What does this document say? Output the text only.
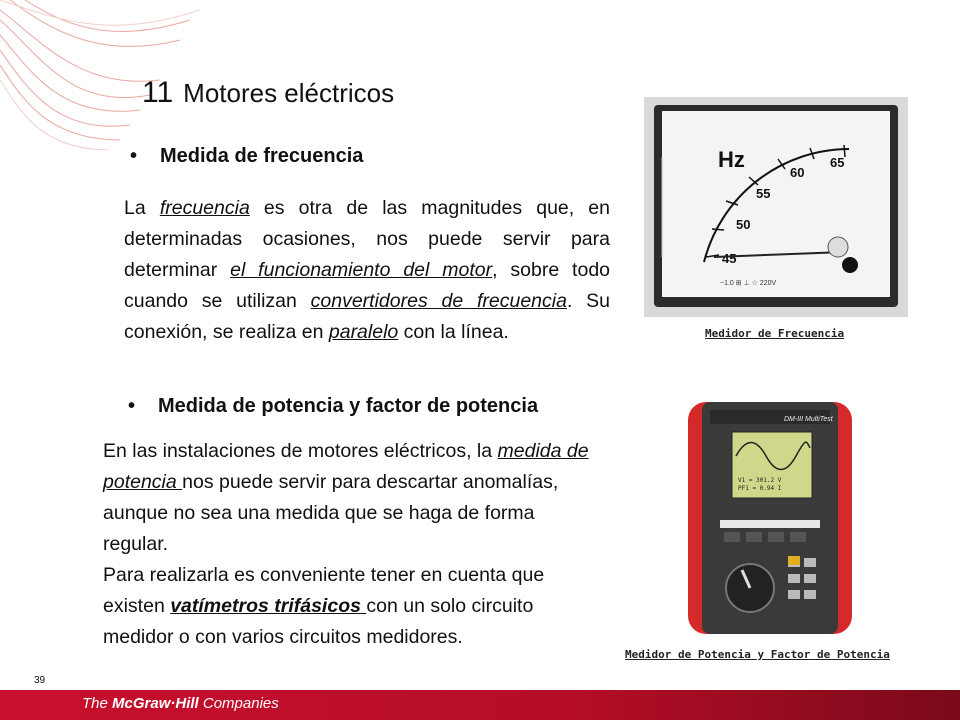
11 Motores eléctricos
• Medida de frecuencia
La frecuencia es otra de las magnitudes que, en determinadas ocasiones, nos puede servir para determinar el funcionamiento del motor, sobre todo cuando se utilizan convertidores de frecuencia. Su conexión, se realiza en paralelo con la línea.
• Medida de potencia y factor de potencia
En las instalaciones de motores eléctricos, la medida de potencia nos puede servir para descartar anomalías, aunque no sea una medida que se haga de forma regular.
Para realizarla es conveniente tener en cuenta que existen vatímetros trifásicos con un solo circuito medidor o con varios circuitos medidores.
Hz
45
50
55
60
65
~1.0 ⊞ ⊥ ☆ 220V
Medidor de Frecuencia
DM-III MultiTest
V1 = 301.2 V
PF1 = 0.94 I
Medidor de Potencia y Factor de Potencia
39
The McGraw·Hill Companies
